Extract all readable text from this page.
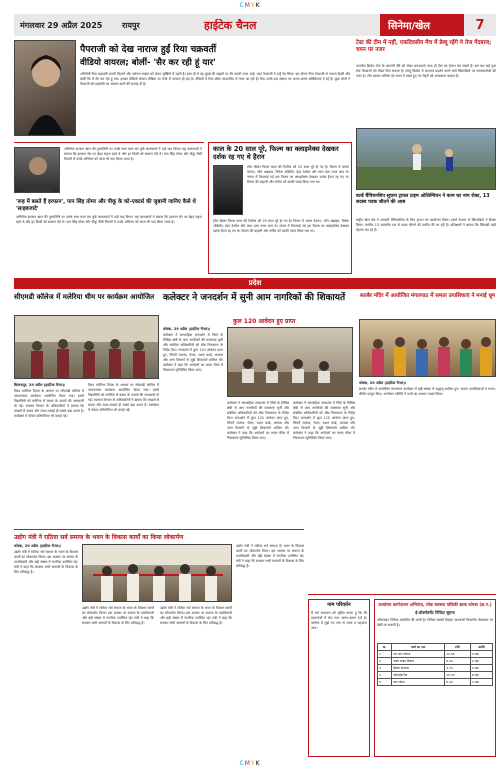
CMYK
CMYK
मंगलवार 29 अप्रैल 2025	रायपुर	हाईटेक चैनल	सिनेमा/खेल	7
पैपराजी को देख नाराज हुईं रिया चक्रवर्ती
वीडियो वायरल; बोलीं- 'सैर कर रही हूं यार'
अभिनेत्री रिया चक्रवर्ती अपनी फिल्मों और पर्सनल लाइफ को लेकर सुर्खियों में रहती हैं। हाल ही में वह मुंबई की सड़कों पर सैर करती नजर आईं, जहां पैपराजी ने उन्हें घेर लिया। इस दौरान रिया पैपराजी से नाराज दिखीं और बोलीं कि मैं सैर कर रही हूं यार। इसका वीडियो सोशल मीडिया पर तेजी से वायरल हो रहा है। वीडियो में रिया ब्लैक आउटफिट में नजर आ रही हैं। फैंस उनके इस अंदाज पर अलग-अलग प्रतिक्रियाएं दे रहे हैं। कुछ लोगों ने पैपराजी को प्राइवेसी का सम्मान करने की सलाह दी है।
'रूह में बसते हैं इरफान', पान सिंह तोमर और पीकू के को-एक्टर्स की जुबानी जानिए कैसे थे 'साहबजादे'
अभिनेता इरफान खान की पुण्यतिथि पर उनके साथ काम कर चुके कलाकारों ने उन्हें याद किया। सह कलाकारों ने बताया कि इरफान सेट पर बेहद सहज रहते थे और हर किसी को सम्मान देते थे। पान सिंह तोमर और पीकू जैसी फिल्मों में उनके अभिनय को आज भी याद किया जाता है।
अभिनेता इरफान खान की पुण्यतिथि पर उनके साथ काम कर चुके कलाकारों ने उन्हें याद किया। सह कलाकारों ने बताया कि इरफान सेट पर बेहद सहज रहते थे और हर किसी को सम्मान देते थे। पान सिंह तोमर और पीकू जैसी फिल्मों में उनके अभिनय को आज भी याद किया जाता है।
काल के 20 साल पूरे, फिल्म का क्लाइमेक्स देखकर दर्शक रह गए थे हैरान
हॉरर थ्रिलर फिल्म काल की रिलीज को 20 साल पूरे हो गए हैं। फिल्म में अजय देवगन, जॉन अब्राहम, विवेक ओबेरॉय, ईशा देओल और लारा दत्ता नजर आए थे। जंगल में फिल्माई गई इस फिल्म का क्लाइमेक्स देखकर दर्शक हैरान रह गए थे। फिल्म की कहानी और संगीत को काफी पसंद किया गया था।
हॉरर थ्रिलर फिल्म काल की रिलीज को 20 साल पूरे हो गए हैं। फिल्म में अजय देवगन, जॉन अब्राहम, विवेक ओबेरॉय, ईशा देओल और लारा दत्ता नजर आए थे। जंगल में फिल्माई गई इस फिल्म का क्लाइमेक्स देखकर दर्शक हैरान रह गए थे। फिल्म की कहानी और संगीत को काफी पसंद किया गया था।
टेस्ट की टीम में नहीं, एकदिवसीय मैच में डेब्यू रहेंगे ये तेज गेंदबाज; चयन पर नजर
भारतीय क्रिकेट टीम के आगामी दौरे को लेकर चयनकर्ता जल्द ही टीम का ऐलान कर सकते हैं। इस बार कई युवा तेज गेंदबाजों को मौका मिल सकता है। घरेलू क्रिकेट में शानदार प्रदर्शन करने वाले खिलाड़ियों पर चयनकर्ताओं की नजर है। टीम प्रबंधन भविष्य को ध्यान में रखते हुए नए चेहरों को आजमाना चाहता है।
वर्ल्ड चैंपियनशिप सूचना ट्रायल टाइम ओलिम्पियन ने काम का नाम रोका, 13 सदस्य पदक जीतने की आस
राष्ट्रीय खेल संघ ने आगामी चैंपियनशिप के लिए ट्रायल का आयोजन किया। इसमें देशभर से खिलाड़ियों ने हिस्सा लिया। चयनित 13 सदस्यीय दल से पदक जीतने की उम्मीद की जा रही है। प्रशिक्षकों ने बताया कि खिलाड़ी कड़ी मेहनत कर रहे हैं।
प्रदेश
सीएमडी कॉलेज में मलेरिया थीम पर कार्यक्रम आयोजित
बिलासपुर, 29 अप्रैल (हाईटेक चैनल)।
विश्व मलेरिया दिवस के अवसर पर सीएमडी कॉलेज में जागरूकता कार्यक्रम आयोजित किया गया। इसमें विद्यार्थियों को मलेरिया से बचाव के उपायों की जानकारी दी गई। स्वास्थ्य विभाग के अधिकारियों ने बताया कि मच्छरों से बचाव और साफ-सफाई ही सबसे बड़ा उपाय है। कार्यक्रम में पोस्टर प्रतियोगिता भी कराई गई।
विश्व मलेरिया दिवस के अवसर पर सीएमडी कॉलेज में जागरूकता कार्यक्रम आयोजित किया गया। इसमें विद्यार्थियों को मलेरिया से बचाव के उपायों की जानकारी दी गई। स्वास्थ्य विभाग के अधिकारियों ने बताया कि मच्छरों से बचाव और साफ-सफाई ही सबसे बड़ा उपाय है। कार्यक्रम में पोस्टर प्रतियोगिता भी कराई गई।
कलेक्टर ने जनदर्शन में सुनी आम नागरिकों की शिकायतें
कुल 120 आवेदन हुए प्राप्त
कोरबा, 29 अप्रैल (हाईटेक चैनल)।
कलेक्टर ने साप्ताहिक जनदर्शन में जिले के विभिन्न क्षेत्रों से आए नागरिकों की समस्याएं सुनीं और संबंधित अधिकारियों को शीघ्र निराकरण के निर्देश दिए। जनदर्शन में कुल 120 आवेदन प्राप्त हुए, जिनमें राजस्व, पेंशन, राशन कार्ड, आवास और अन्य विभागों से जुड़ी शिकायतें शामिल थीं। कलेक्टर ने कहा कि आवेदनों का समय सीमा में निराकरण सुनिश्चित किया जाए।
कलेक्टर ने साप्ताहिक जनदर्शन में जिले के विभिन्न क्षेत्रों से आए नागरिकों की समस्याएं सुनीं और संबंधित अधिकारियों को शीघ्र निराकरण के निर्देश दिए। जनदर्शन में कुल 120 आवेदन प्राप्त हुए, जिनमें राजस्व, पेंशन, राशन कार्ड, आवास और अन्य विभागों से जुड़ी शिकायतें शामिल थीं। कलेक्टर ने कहा कि आवेदनों का समय सीमा में निराकरण सुनिश्चित किया जाए।
कलेक्टर ने साप्ताहिक जनदर्शन में जिले के विभिन्न क्षेत्रों से आए नागरिकों की समस्याएं सुनीं और संबंधित अधिकारियों को शीघ्र निराकरण के निर्देश दिए। जनदर्शन में कुल 120 आवेदन प्राप्त हुए, जिनमें राजस्व, पेंशन, राशन कार्ड, आवास और अन्य विभागों से जुड़ी शिकायतें शामिल थीं। कलेक्टर ने कहा कि आवेदनों का समय सीमा में निराकरण सुनिश्चित किया जाए।
सतबेर मंदिर में आयोजित मंगलपाठ में समता उपासिकाएं ने मनाई धूम
कोरबा, 29 अप्रैल (हाईटेक चैनल)।
सतबेर मंदिर में आयोजित मंगलपाठ कार्यक्रम में बड़ी संख्या में श्रद्धालु शामिल हुए। समता उपासिकाओं ने भजन-कीर्तन प्रस्तुत किए। आयोजन समिति ने सभी का आभार व्यक्त किया।
उद्योग मंत्री ने राठिया सर्व समाज के भवन के विकास कार्यों का किया लोकार्पण
कोरबा, 29 अप्रैल (हाईटेक चैनल)।
उद्योग मंत्री ने राठिया सर्व समाज के भवन के विकास कार्यों का लोकार्पण किया। इस अवसर पर समाज के पदाधिकारी और बड़ी संख्या में नागरिक उपस्थित रहे। मंत्री ने कहा कि सरकार सभी समाजों के विकास के लिए प्रतिबद्ध है।
उद्योग मंत्री ने राठिया सर्व समाज के भवन के विकास कार्यों का लोकार्पण किया। इस अवसर पर समाज के पदाधिकारी और बड़ी संख्या में नागरिक उपस्थित रहे। मंत्री ने कहा कि सरकार सभी समाजों के विकास के लिए प्रतिबद्ध है।
उद्योग मंत्री ने राठिया सर्व समाज के भवन के विकास कार्यों का लोकार्पण किया। इस अवसर पर समाज के पदाधिकारी और बड़ी संख्या में नागरिक उपस्थित रहे। मंत्री ने कहा कि सरकार सभी समाजों के विकास के लिए प्रतिबद्ध है।
उद्योग मंत्री ने राठिया सर्व समाज के भवन के विकास कार्यों का लोकार्पण किया। इस अवसर पर समाज के पदाधिकारी और बड़ी संख्या में नागरिक उपस्थित रहे। मंत्री ने कहा कि सरकार सभी समाजों के विकास के लिए प्रतिबद्ध है।
नाम परिवर्तन
मैं सर्व साधारण को सूचित करता हूं कि मेरे दस्तावेजों में मेरा नाम अलग-अलग दर्ज है। भविष्य में मुझे नए नाम से जाना व पहचाना जाए।
कार्यालय कार्यपालन अभियंता, लोक स्वास्थ्य यांत्रिकी खण्ड कोरबा (छ.ग.)
ई-प्रोक्योरमेंट निविदा सूचना
ऑनलाइन निविदा आमंत्रित की जाती है। निविदा संबंधी विस्तृत जानकारी विभागीय वेबसाइट पर देखी जा सकती है।
क्र.	कार्य का नाम	राशि	अवधि
1	नल जल योजना	12.50	3 माह
2	पाइप लाइन विस्तार	8.20	2 माह
3	हैंडपंप संधारण	4.75	2 माह
4	ओवरहेड टैंक	15.30	6 माह
5	जल शोधन	6.40	3 माह
